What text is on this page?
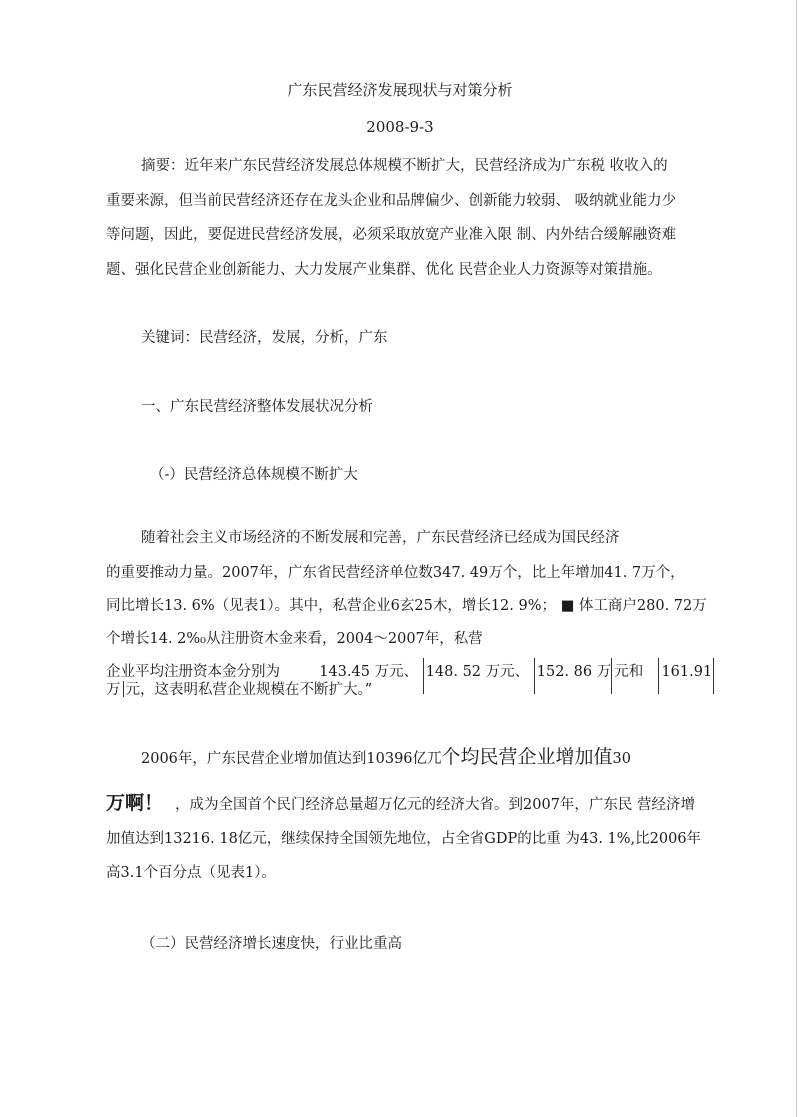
广东民营经济发展现状与对策分析
2008-9-3
摘要：近年来广东民营经济发展总体规模不断扩大，民营经济成为广东税 收收入的
重要来源，但当前民营经济还存在龙头企业和品牌偏少、创新能力较弱、 吸纳就业能力少
等问题，因此，要促进民营经济发展，必须采取放宽产业准入限 制、内外结合缓解融资难
题、强化民营企业创新能力、大力发展产业集群、优化 民营企业人力资源等对策措施。
关键词：民营经济，发展，分析，广东
一、广东民营经济整体发展状况分析
（-）民营经济总体规模不断扩大
随着社会主义市场经济的不断发展和完善，广东民营经济已经成为国民经济
的重要推动力量。2007年，广东省民营经济单位数347. 49万个，比上年增加41. 7万个，
同比增长13. 6%（见表1）。其中，私营企业6玄25木，增长12. 9%； ■ 体工商户280. 72万
个增长14. 2%₀从注册资木金来看，2004～2007年，私营
企业平均注册资本金分别为	143.45 万元、 148. 52 万元、 152. 86 万 元和 161.91
万 元，这表明私营企业规模在不断扩大。”
2006年，广东民营企业增加值达到10396亿兀个均民营企业增加值30
万啊！ ，成为全国首个民门经济总量超万亿元的经济大省。到2007年，广东民 营经济增
加值达到13216. 18亿元，继续保持全国领先地位，占全省GDP的比重 为43. 1%,比2006年
高3.1个百分点（见表1）。
（二）民营经济增长速度快，行业比重高
